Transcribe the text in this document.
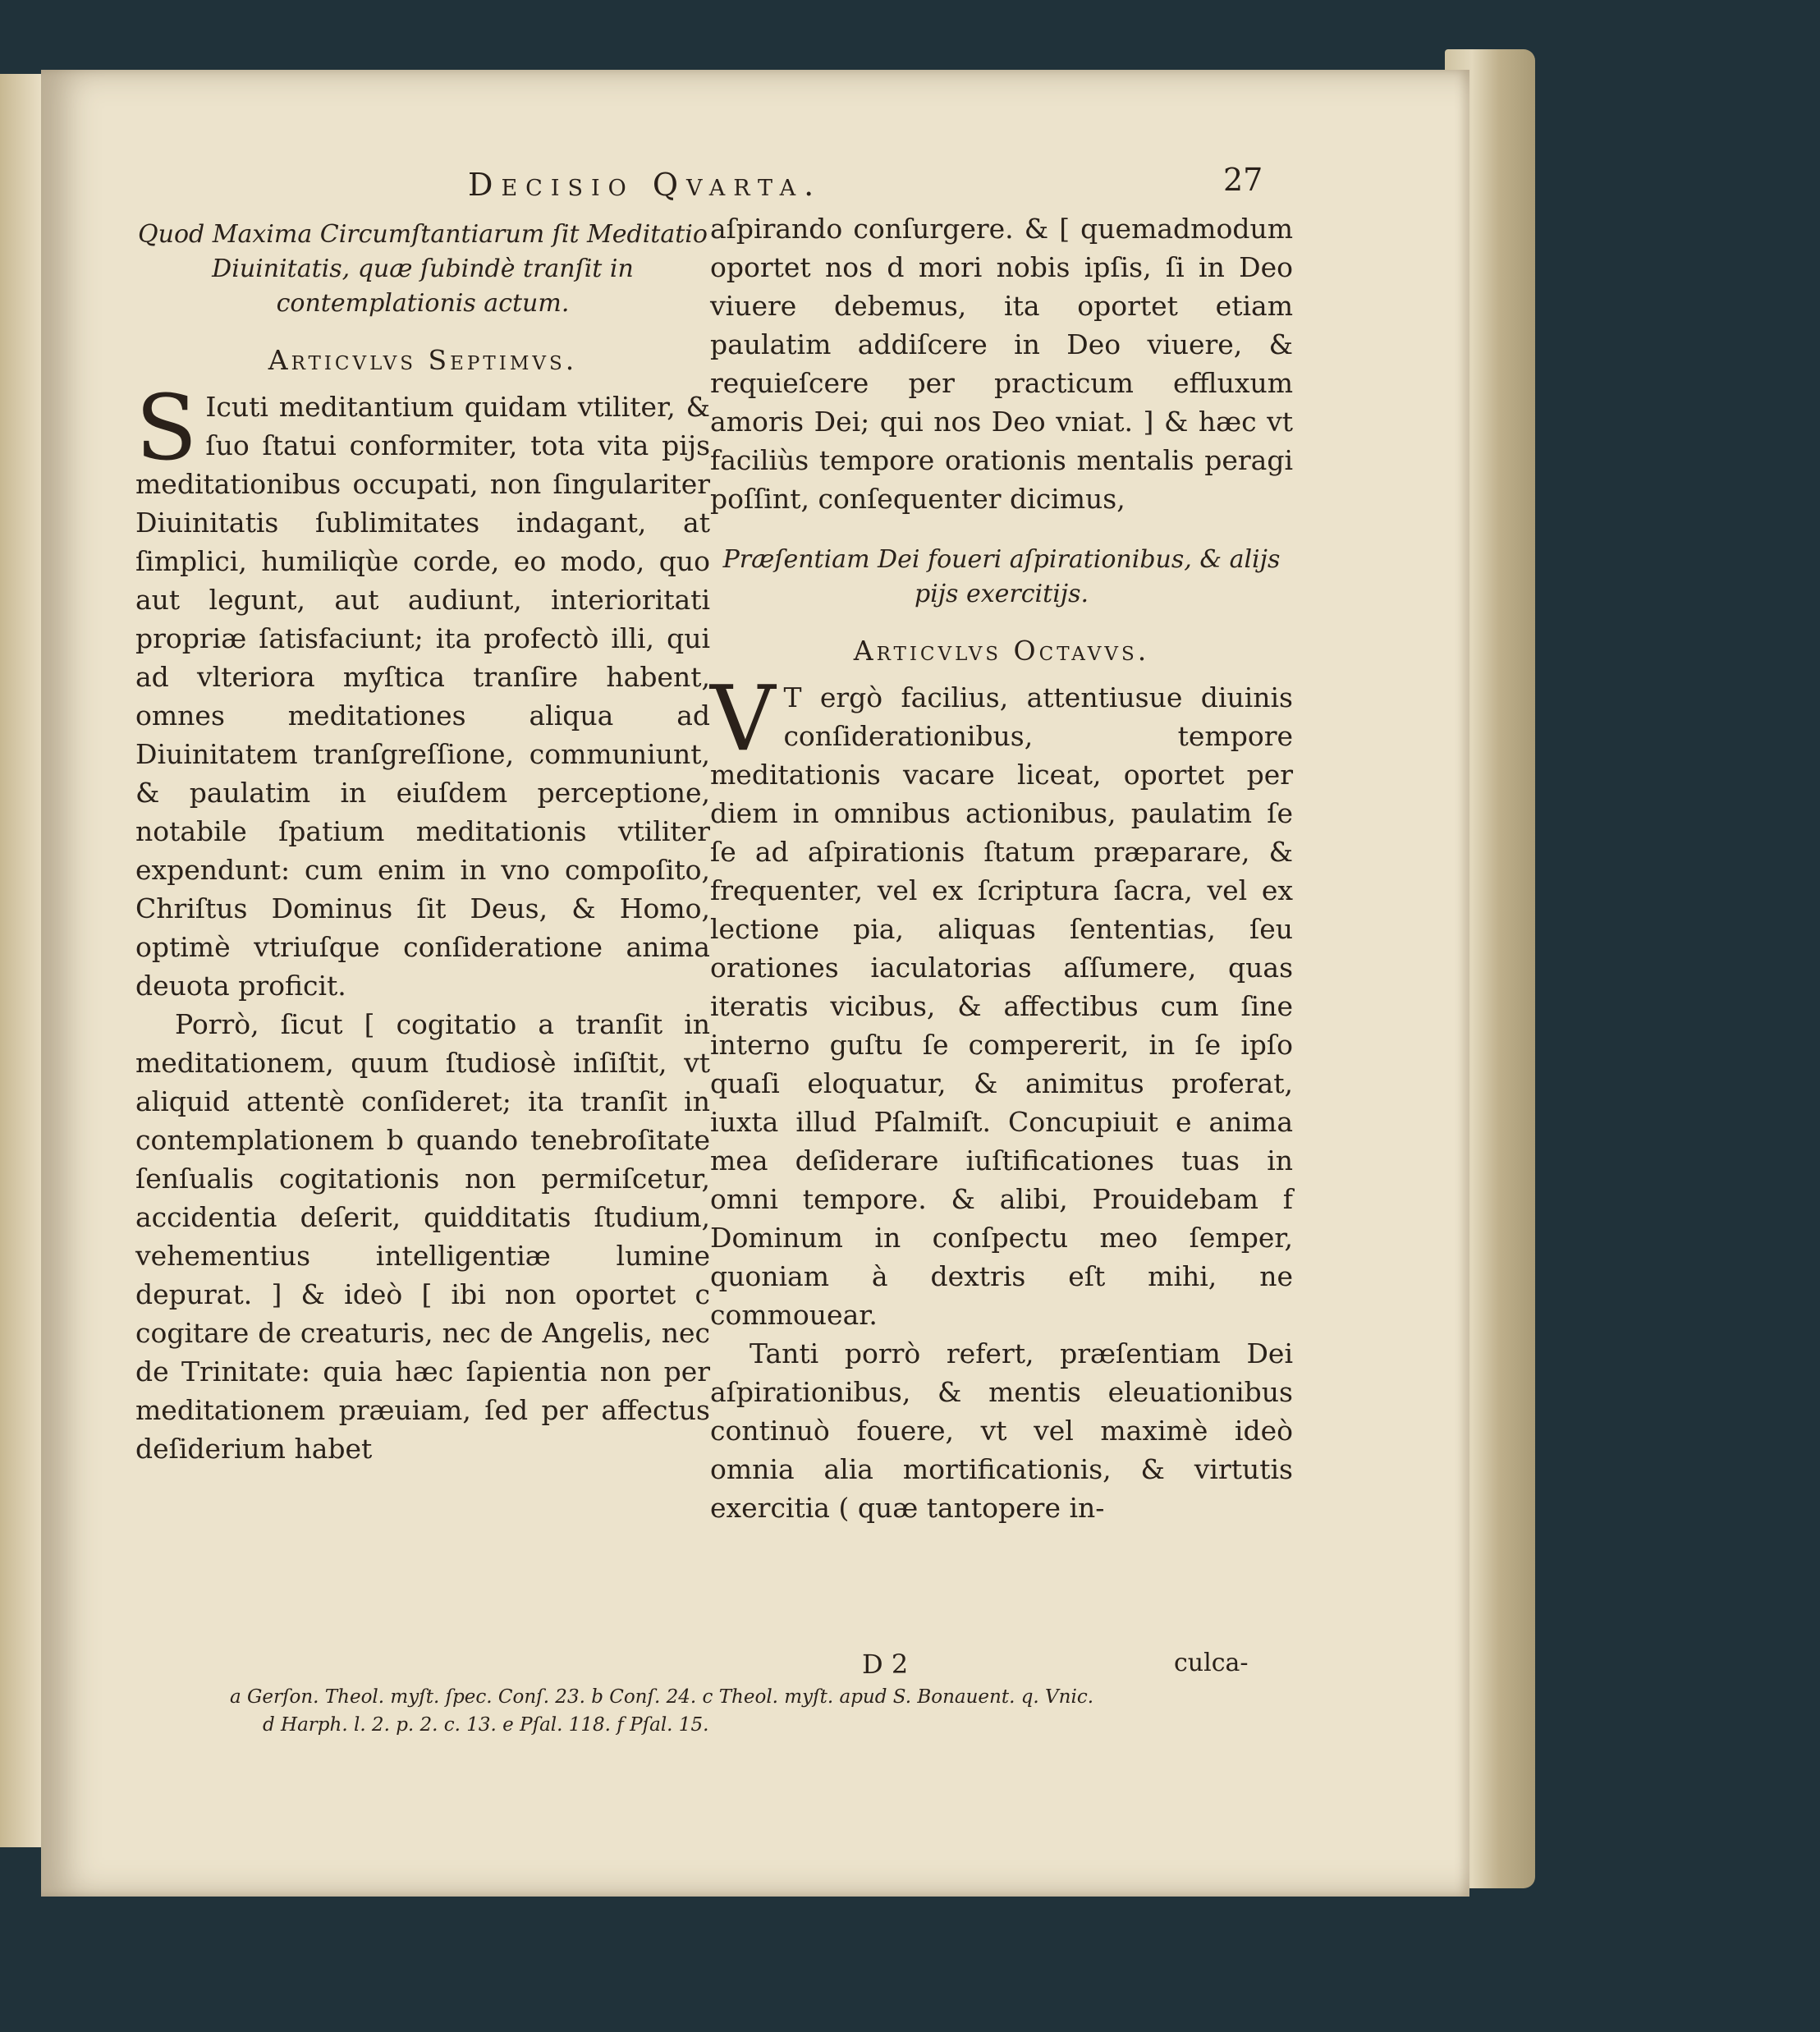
Decisio Qvarta.	27

Quod Maxima Circumſtantiarum ſit Meditatio Diuinitatis, quæ ſubindè tranſit in contemplationis actum.

Articvlvs Septimvs.

S Icuti meditantium quidam vtiliter, & ſuo ſtatui conformiter, tota vita pijs meditationibus occupati, non ſingulariter Diuinitatis ſublimitates indagant, at ſimplici, humiliqùe corde, eo modo, quo aut legunt, aut audiunt, interioritati propriæ ſatisfaciunt; ita profectò illi, qui ad vlteriora myſtica tranſire habent, omnes meditationes aliqua ad Diuinitatem tranſgreſſione, communiunt, & paulatim in eiuſdem perceptione, notabile ſpatium meditationis vtiliter expendunt: cum enim in vno compoſito, Chriſtus Dominus ſit Deus, & Homo, optimè vtriuſque conſideratione anima deuota proficit.

Porrò, ſicut [ cogitatio a tranſit in meditationem, quum ſtudiosè inſiſtit, vt aliquid attentè conſideret; ita tranſit in contemplationem b quando tenebroſitate ſenſualis cogitationis non permiſcetur, accidentia deſerit, quidditatis ſtudium, vehementius intelligentiæ lumine depurat. ] & ideò [ ibi non oportet c cogitare de creaturis, nec de Angelis, nec de Trinitate: quia hæc ſapientia non per meditationem præuiam, ſed per affectus deſiderium habet

aſpirando conſurgere. & [ quemadmodum oportet nos d mori nobis ipſis, ſi in Deo viuere debemus, ita oportet etiam paulatim addiſcere in Deo viuere, & requieſcere per practicum effluxum amoris Dei; qui nos Deo vniat. ] & hæc vt faciliùs tempore orationis mentalis peragi poſſint, conſequenter dicimus,

Præſentiam Dei foueri aſpirationibus, & alijs pijs exercitijs.

Articvlvs Octavvs.

V T ergò facilius, attentiusue diuinis conſiderationibus, tempore meditationis vacare liceat, oportet per diem in omnibus actionibus, paulatim ſe ſe ad aſpirationis ſtatum præparare, & frequenter, vel ex ſcriptura ſacra, vel ex lectione pia, aliquas ſententias, ſeu orationes iaculatorias aſſumere, quas iteratis vicibus, & affectibus cum ſine interno guſtu ſe compererit, in ſe ipſo quaſi eloquatur, & animitus proferat, iuxta illud Pſalmiſt. Concupiuit e anima mea deſiderare iuſtificationes tuas in omni tempore. & alibi, Prouidebam f Dominum in conſpectu meo ſemper, quoniam à dextris eſt mihi, ne commouear.

Tanti porrò refert, præſentiam Dei aſpirationibus, & mentis eleuationibus continuò fouere, vt vel maximè ideò omnia alia mortificationis, & virtutis exercitia ( quæ tantopere in-

D 2	culca-
a Gerſon. Theol. myſt. ſpec. Conſ. 23. b Conſ. 24. c Theol. myſt. apud S. Bonauent. q. Vnic.
d Harph. l. 2. p. 2. c. 13. e Pſal. 118. f Pſal. 15.
